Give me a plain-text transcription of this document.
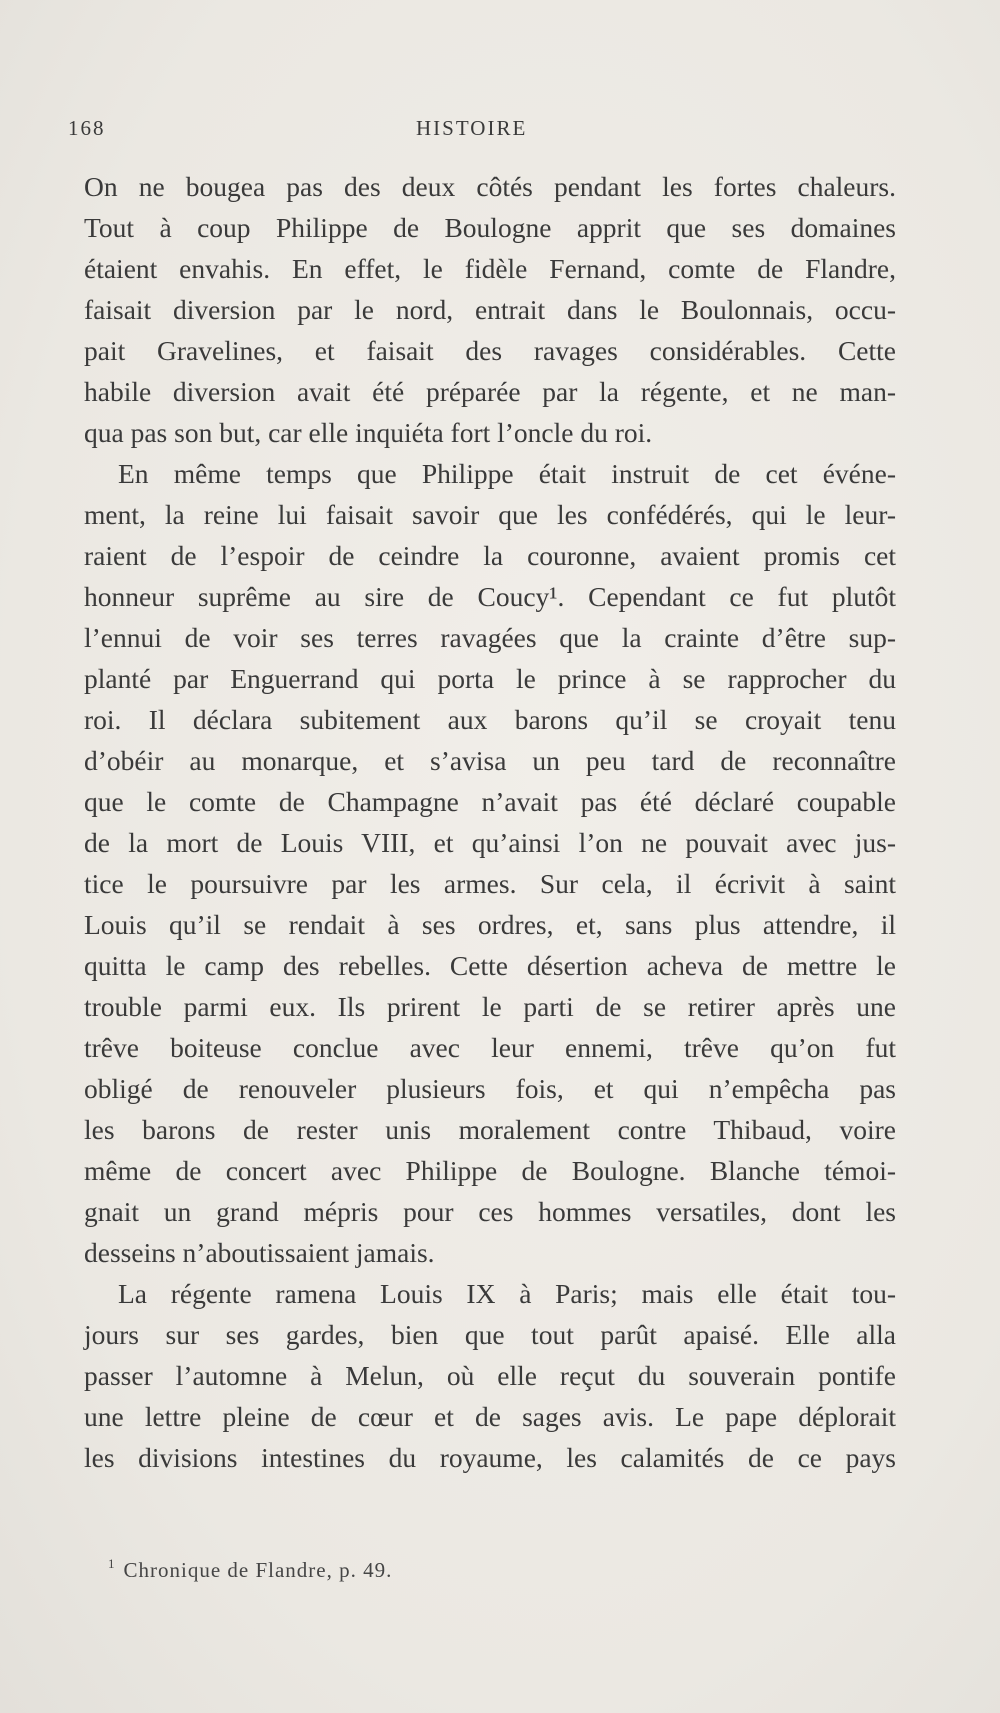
168	HISTOIRE
On ne bougea pas des deux côtés pendant les fortes chaleurs.
Tout à coup Philippe de Boulogne apprit que ses domaines
étaient envahis. En effet, le fidèle Fernand, comte de Flandre,
faisait diversion par le nord, entrait dans le Boulonnais, occu-
pait Gravelines, et faisait des ravages considérables. Cette
habile diversion avait été préparée par la régente, et ne man-
qua pas son but, car elle inquiéta fort l’oncle du roi.
En même temps que Philippe était instruit de cet événe-
ment, la reine lui faisait savoir que les confédérés, qui le leur-
raient de l’espoir de ceindre la couronne, avaient promis cet
honneur suprême au sire de Coucy¹. Cependant ce fut plutôt
l’ennui de voir ses terres ravagées que la crainte d’être sup-
planté par Enguerrand qui porta le prince à se rapprocher du
roi. Il déclara subitement aux barons qu’il se croyait tenu
d’obéir au monarque, et s’avisa un peu tard de reconnaître
que le comte de Champagne n’avait pas été déclaré coupable
de la mort de Louis VIII, et qu’ainsi l’on ne pouvait avec jus-
tice le poursuivre par les armes. Sur cela, il écrivit à saint
Louis qu’il se rendait à ses ordres, et, sans plus attendre, il
quitta le camp des rebelles. Cette désertion acheva de mettre le
trouble parmi eux. Ils prirent le parti de se retirer après une
trêve boiteuse conclue avec leur ennemi, trêve qu’on fut
obligé de renouveler plusieurs fois, et qui n’empêcha pas
les barons de rester unis moralement contre Thibaud, voire
même de concert avec Philippe de Boulogne. Blanche témoi-
gnait un grand mépris pour ces hommes versatiles, dont les
desseins n’aboutissaient jamais.
La régente ramena Louis IX à Paris; mais elle était tou-
jours sur ses gardes, bien que tout parût apaisé. Elle alla
passer l’automne à Melun, où elle reçut du souverain pontife
une lettre pleine de cœur et de sages avis. Le pape déplorait
les divisions intestines du royaume, les calamités de ce pays
$^1$ Chronique de Flandre, p. 49.
